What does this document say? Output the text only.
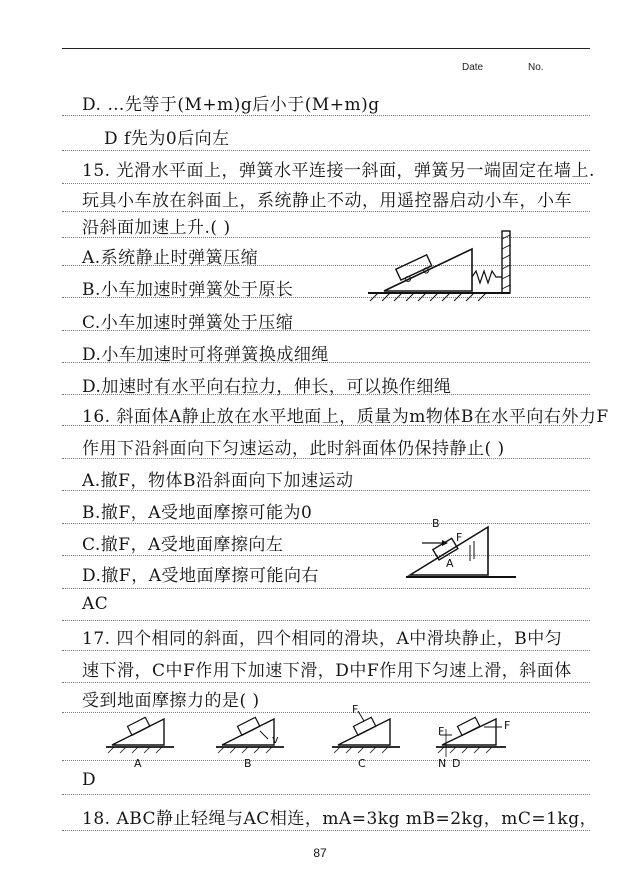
Date	No.
D. …先等于(M+m)g后小于(M+m)g
D f先为0后向左
15. 光滑水平面上，弹簧水平连接一斜面，弹簧另一端固定在墙上.
玩具小车放在斜面上，系统静止不动，用遥控器启动小车，小车
沿斜面加速上升.( )
A.系统静止时弹簧压缩
B.小车加速时弹簧处于原长
C.小车加速时弹簧处于压缩
D.小车加速时可将弹簧换成细绳
D.加速时有水平向右拉力，伸长，可以换作细绳
16. 斜面体A静止放在水平地面上，质量为m物体B在水平向右外力F
作用下沿斜面向下匀速运动，此时斜面体仍保持静止( )
A.撤F，物体B沿斜面向下加速运动
B.撤F，A受地面摩擦可能为0
C.撤F，A受地面摩擦向左
D.撤F，A受地面摩擦可能向右
AC
17. 四个相同的斜面，四个相同的滑块，A中滑块静止，B中匀
速下滑，C中F作用下加速下滑，D中F作用下匀速上滑，斜面体
受到地面摩擦力的是( )
D
18. ABC静止轻绳与AC相连，mA=3kg mB=2kg，mC=1kg，
B
F
A
A
v
B
F
C
F	F
N D
87
